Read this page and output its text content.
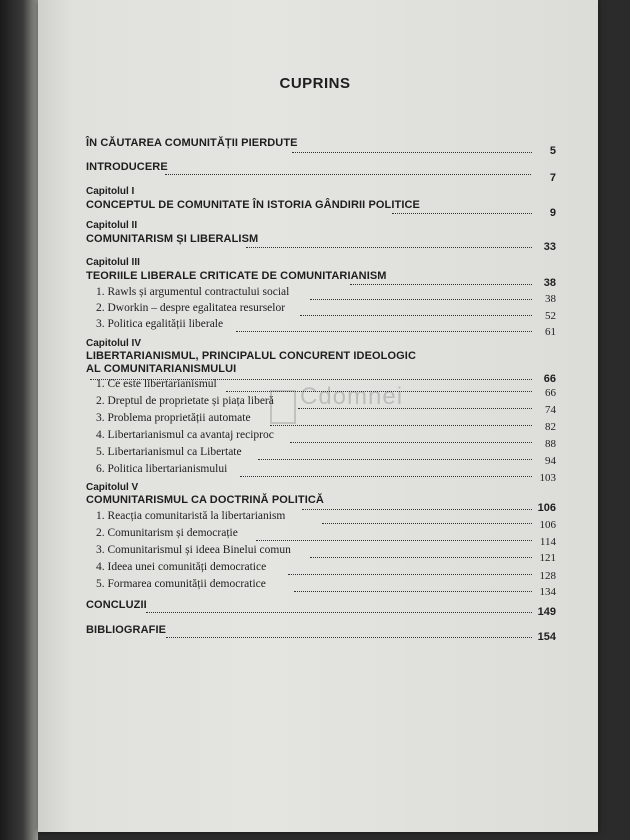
CUPRINS
Cdomnei
ÎN CĂUTAREA COMUNITĂȚII PIERDUTE
5
INTRODUCERE
7
Capitolul I
CONCEPTUL DE COMUNITATE ÎN ISTORIA GÂNDIRII POLITICE
9
Capitolul II
COMUNITARISM ȘI LIBERALISM
33
Capitolul III
TEORIILE LIBERALE CRITICATE DE COMUNITARIANISM
38
1. Rawls și argumentul contractului social
38
2. Dworkin – despre egalitatea resurselor
52
3. Politica egalității liberale
61
Capitolul IV
LIBERTARIANISMUL, PRINCIPALUL CONCURENT IDEOLOGIC
AL COMUNITARIANISMULUI
66
1. Ce este libertarianismul
66
2. Dreptul de proprietate și piața liberă
74
3. Problema proprietății automate
82
4. Libertarianismul ca avantaj reciproc
88
5. Libertarianismul ca Libertate
94
6. Politica libertarianismului
103
Capitolul V
COMUNITARISMUL CA DOCTRINĂ POLITICĂ
106
1. Reacția comunitaristă la libertarianism
106
2. Comunitarism și democrație
114
3. Comunitarismul și ideea Binelui comun
121
4. Ideea unei comunități democratice
128
5. Formarea comunității democratice
134
CONCLUZII
149
BIBLIOGRAFIE
154
